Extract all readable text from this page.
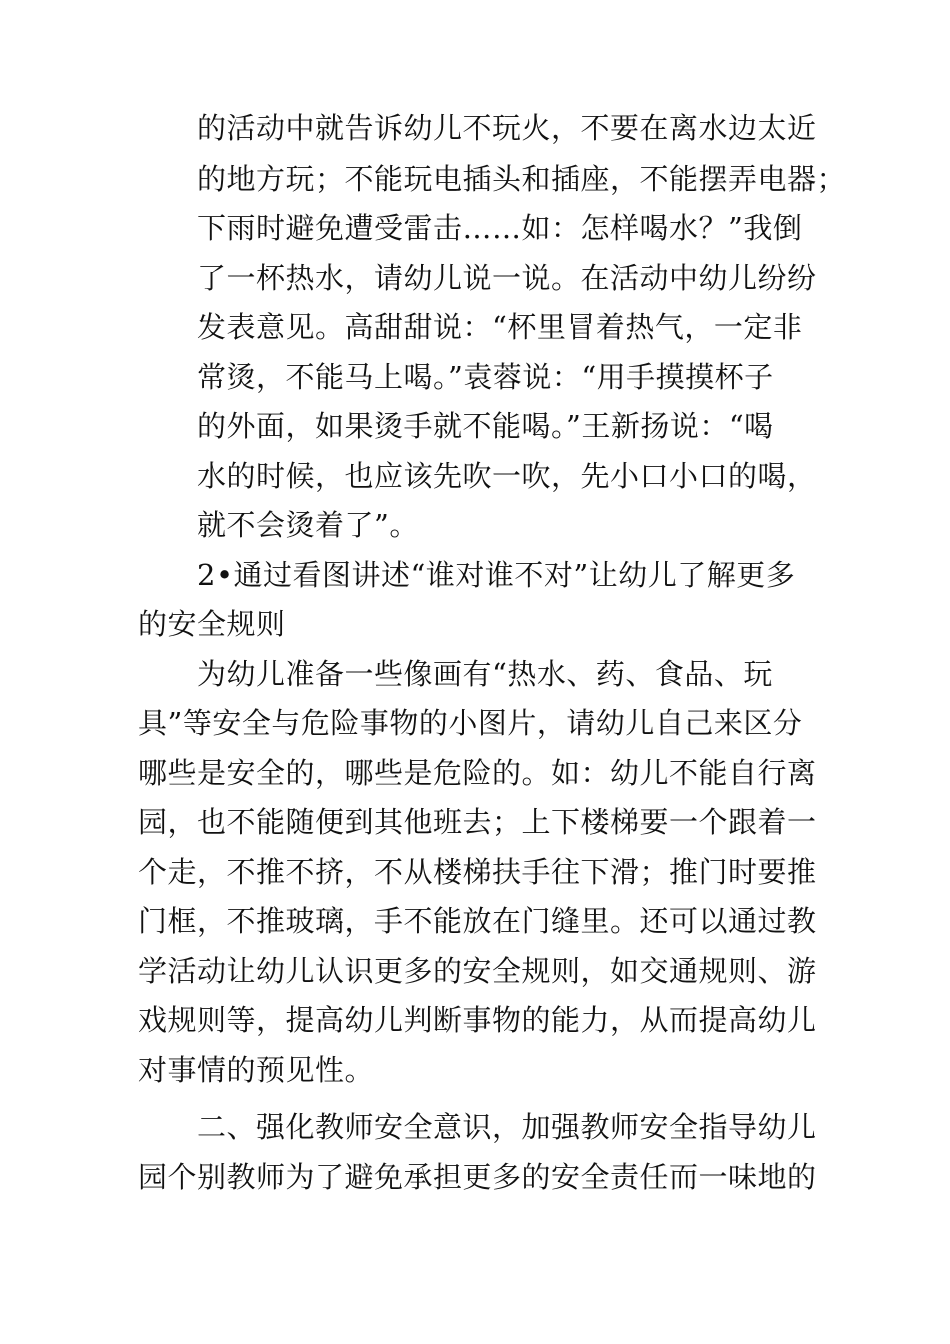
的活动中就告诉幼儿不玩火，不要在离水边太近
的地方玩；不能玩电插头和插座，不能摆弄电器；
下雨时避免遭受雷击……如：怎样喝水？”我倒
了一杯热水，请幼儿说一说。在活动中幼儿纷纷
发表意见。高甜甜说：“杯里冒着热气，一定非
常烫，不能马上喝。”袁蓉说：“用手摸摸杯子
的外面，如果烫手就不能喝。”王新扬说：“喝
水的时候，也应该先吹一吹，先小口小口的喝，
就不会烫着了”。
2•通过看图讲述“谁对谁不对”让幼儿了解更多
的安全规则
为幼儿准备一些像画有“热水、药、食品、玩
具”等安全与危险事物的小图片，请幼儿自己来区分
哪些是安全的，哪些是危险的。如：幼儿不能自行离
园，也不能随便到其他班去；上下楼梯要一个跟着一
个走，不推不挤，不从楼梯扶手往下滑；推门时要推
门框，不推玻璃，手不能放在门缝里。还可以通过教
学活动让幼儿认识更多的安全规则，如交通规则、游
戏规则等，提高幼儿判断事物的能力，从而提高幼儿
对事情的预见性。
二、强化教师安全意识，加强教师安全指导幼儿
园个别教师为了避免承担更多的安全责任而一味地的
